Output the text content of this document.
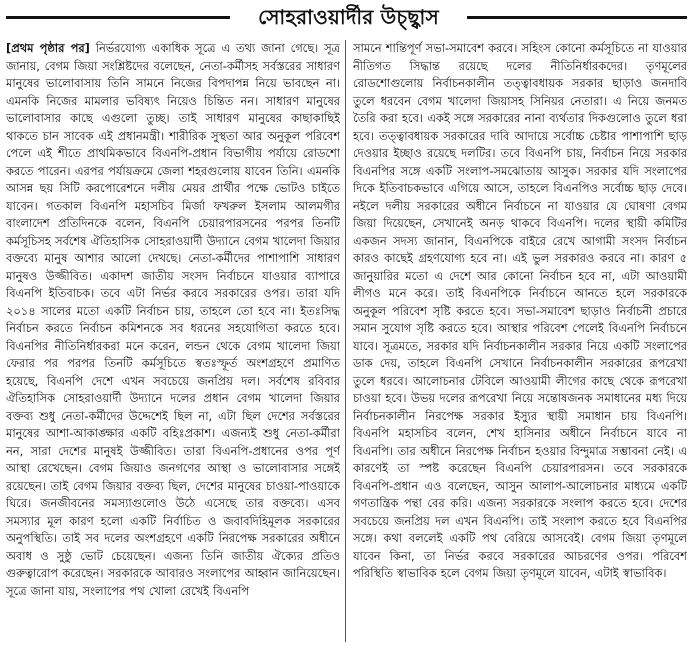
সোহরাওয়ার্দীর উচ্ছ্বাস

[প্রথম পৃষ্ঠার পর] নির্ভরযোগ্য একাধিক সূত্রে এ তথ্য জানা গেছে। সূত্র জানায়, বেগম জিয়া সংশ্লিষ্টদের বলেছেন, নেতা-কর্মীসহ সর্বস্তরের সাধারণ মানুষের ভালোবাসায় তিনি সামনে নিজের বিপদাপন্ন নিয়ে ভাবছেন না। এমনকি নিজের মামলার ভবিষ্যৎ নিয়েও চিন্তিত নন। সাধারণ মানুষের ভালোবাসার কাছে এগুলো তুচ্ছ। তাই সাধারণ মানুষের কাছাকাছিই থাকতে চান সাবেক এই প্রধানমন্ত্রী। শারীরিক সুস্থতা আর অনুকূল পরিবেশ পেলে এই শীতে প্রাথমিকভাবে বিএনপি-প্রধান বিভাগীয় পর্যায়ে রোডশো করতে পারেন। এরপর পর্যায়ক্রমে জেলা শহরগুলোয় যাবেন তিনি। এমনকি আসন্ন ছয় সিটি করপোরেশনে দলীয় মেয়র প্রার্থীর পক্ষে ভোটও চাইতে যাবেন। গতকাল বিএনপি মহাসচিব মির্জা ফখরুল ইসলাম আলমগীর বাংলাদেশ প্রতিদিনকে বলেন, বিএনপি চেয়ারপারসনের পরপর তিনটি কর্মসূচিসহ সর্বশেষ ঐতিহাসিক সোহরাওয়ার্দী উদ্যানে বেগম খালেদা জিয়ার বক্তব্যে মানুষ আশার আলো দেখছে। নেতা-কর্মীদের পাশাপাশি সাধারণ মানুষও উজ্জীবিত। একাদশ জাতীয় সংসদ নির্বাচনে যাওয়ার ব্যাপারে বিএনপি ইতিবাচক। তবে এটা নির্ভর করবে সরকারের ওপর। তারা যদি ২০১৪ সালের মতো একটি নির্বাচন চায়, তাহলে তো হবে না। ইতঃসিদ্ধ নির্বাচন করতে নির্বাচন কমিশনকে সব ধরনের সহযোগিতা করতে হবে। বিএনপির নীতিনির্ধারকরা মনে করেন, লন্ডন থেকে বেগম খালেদা জিয়া ফেরার পর পরপর তিনটি কর্মসূচিতে স্বতঃস্ফূর্ত অংশগ্রহণে প্রমাণিত হয়েছে, বিএনপি দেশে এখন সবচেয়ে জনপ্রিয় দল। সর্বশেষ রবিবার ঐতিহাসিক সোহরাওয়ার্দী উদ্যানে দলের প্রধান বেগম খালেদা জিয়ার বক্তব্য শুধু নেতা-কর্মীদের উদ্দেশেই ছিল না, এটা ছিল দেশের সর্বস্তরের মানুষের আশা-আকাঙ্ক্ষার একটি বহিঃপ্রকাশ। এজন্যই শুধু নেতা-কর্মীরা নন, সারা দেশের মানুষই উজ্জীবিত। তারা বিএনপি-প্রধানের ওপর পূর্ণ আস্থা রেখেছেন। বেগম জিয়াও জনগণের আস্থা ও ভালোবাসার সঙ্গেই রয়েছেন। তাই বেগম জিয়ার বক্তব্য ছিল, দেশের মানুষের চাওয়া-পাওয়াকে ঘিরে। জনজীবনের সমস্যাগুলোও উঠে এসেছে তার বক্তব্যে। এসব সমস্যার মূল কারণ হলো একটি নির্বাচিত ও জবাবদিহিমূলক সরকারের অনুপস্থিতি। তাই সব দলের অংশগ্রহণে একটি নিরপেক্ষ সরকারের অধীনে অবাধ ও সুষ্ঠু ভোট চেয়েছেন। এজন্য তিনি জাতীয় ঐক্যের প্রতিও গুরুত্বারোপ করেছেন। সরকারকে আবারও সংলাপের আহ্বান জানিয়েছেন। সূত্রে জানা যায়, সংলাপের পথ খোলা রেখেই বিএনপি

সামনে শান্তিপূর্ণ সভা-সমাবেশ করবে। সহিংস কোনো কর্মসূচিতে না যাওয়ার নীতিগত সিদ্ধান্ত রয়েছে দলের নীতিনির্ধারকদের। তৃণমূলের রোডশোগুলোয় নির্বাচনকালীন তত্ত্বাবধায়ক সরকার ছাড়াও জনদাবি তুলে ধরবেন বেগম খালেদা জিয়াসহ সিনিয়র নেতারা। এ নিয়ে জনমত তৈরি করা হবে। একই সঙ্গে সরকারের নানা ব্যর্থতার দিকগুলোও তুলে ধরা হবে। তত্ত্বাবধায়ক সরকারের দাবি আদায়ে সর্বোচ্চ চেষ্টার পাশাপাশি ছাড় দেওয়ার ইচ্ছাও রয়েছে দলটির। তবে বিএনপি চায়, নির্বাচন নিয়ে সরকার বিএনপির সঙ্গে একটি সংলাপ-সমঝোতায় আসুক। সরকার যদি সংলাপের দিকে ইতিবাচকভাবে এগিয়ে আসে, তাহলে বিএনপিও সর্বোচ্চ ছাড় দেবে। নইলে দলীয় সরকারের অধীনে নির্বাচনে না যাওয়ার যে ঘোষণা বেগম জিয়া দিয়েছেন, সেখানেই অনড় থাকবে বিএনপি। দলের স্থায়ী কমিটির একজন সদস্য জানান, বিএনপিকে বাইরে রেখে আগামী সংসদ নির্বাচন কারও কাছেই গ্রহণযোগ্য হবে না। এই ভুল সরকারও করবে না। কারণ ৫ জানুয়ারির মতো এ দেশে আর কোনো নির্বাচন হবে না, এটা আওয়ামী লীগও মনে করে। তাই বিএনপিকে নির্বাচনে আনতে হলে সরকারকে অনুকূল পরিবেশ সৃষ্টি করতে হবে। সভা-সমাবেশ ছাড়াও নির্বাচনী প্রচারে সমান সুযোগ সৃষ্টি করতে হবে। আস্থার পরিবেশ পেলেই বিএনপি নির্বাচনে যাবে। সূত্রমতে, সরকার যদি নির্বাচনকালীন সরকার নিয়ে একটি সংলাপের ডাক দেয়, তাহলে বিএনপি সেখানে নির্বাচনকালীন সরকারের রূপরেখা তুলে ধরবে। আলোচনার টেবিলে আওয়ামী লীগের কাছে থেকে রূপরেখা চাওয়া হবে। উভয় দলের রূপরেখা নিয়ে সন্তোষজনক সমাধানের মধ্য দিয়ে নির্বাচনকালীন নিরপেক্ষ সরকার ইস্যুর স্থায়ী সমাধান চায় বিএনপি। বিএনপি মহাসচিব বলেন, শেখ হাসিনার অধীনে নির্বাচনে যাবে না বিএনপি। তার অধীনে নিরপেক্ষ নির্বাচন হওয়ার বিন্দুমাত্র সম্ভাবনা নেই। এ কারণেই তা স্পষ্ট করেছেন বিএনপি চেয়ারপারসন। তবে সরকারকে বিএনপি-প্রধান এও বলেছেন, আসুন আলাপ-আলোচনার মাধ্যমে একটি গণতান্ত্রিক পন্থা বের করি। এজন্য সরকারকে সংলাপ করতে হবে। দেশের সবচেয়ে জনপ্রিয় দল এখন বিএনপি। তাই সংলাপ করতে হবে বিএনপির সঙ্গে। কথা বললেই একটি পথ বেরিয়ে আসবেই। বেগম জিয়া তৃণমূলে যাবেন কিনা, তা নির্ভর করবে সরকারের আচরণের ওপর। পরিবেশ পরিস্থিতি স্বাভাবিক হলে বেগম জিয়া তৃণমূলে যাবেন, এটাই স্বাভাবিক।
